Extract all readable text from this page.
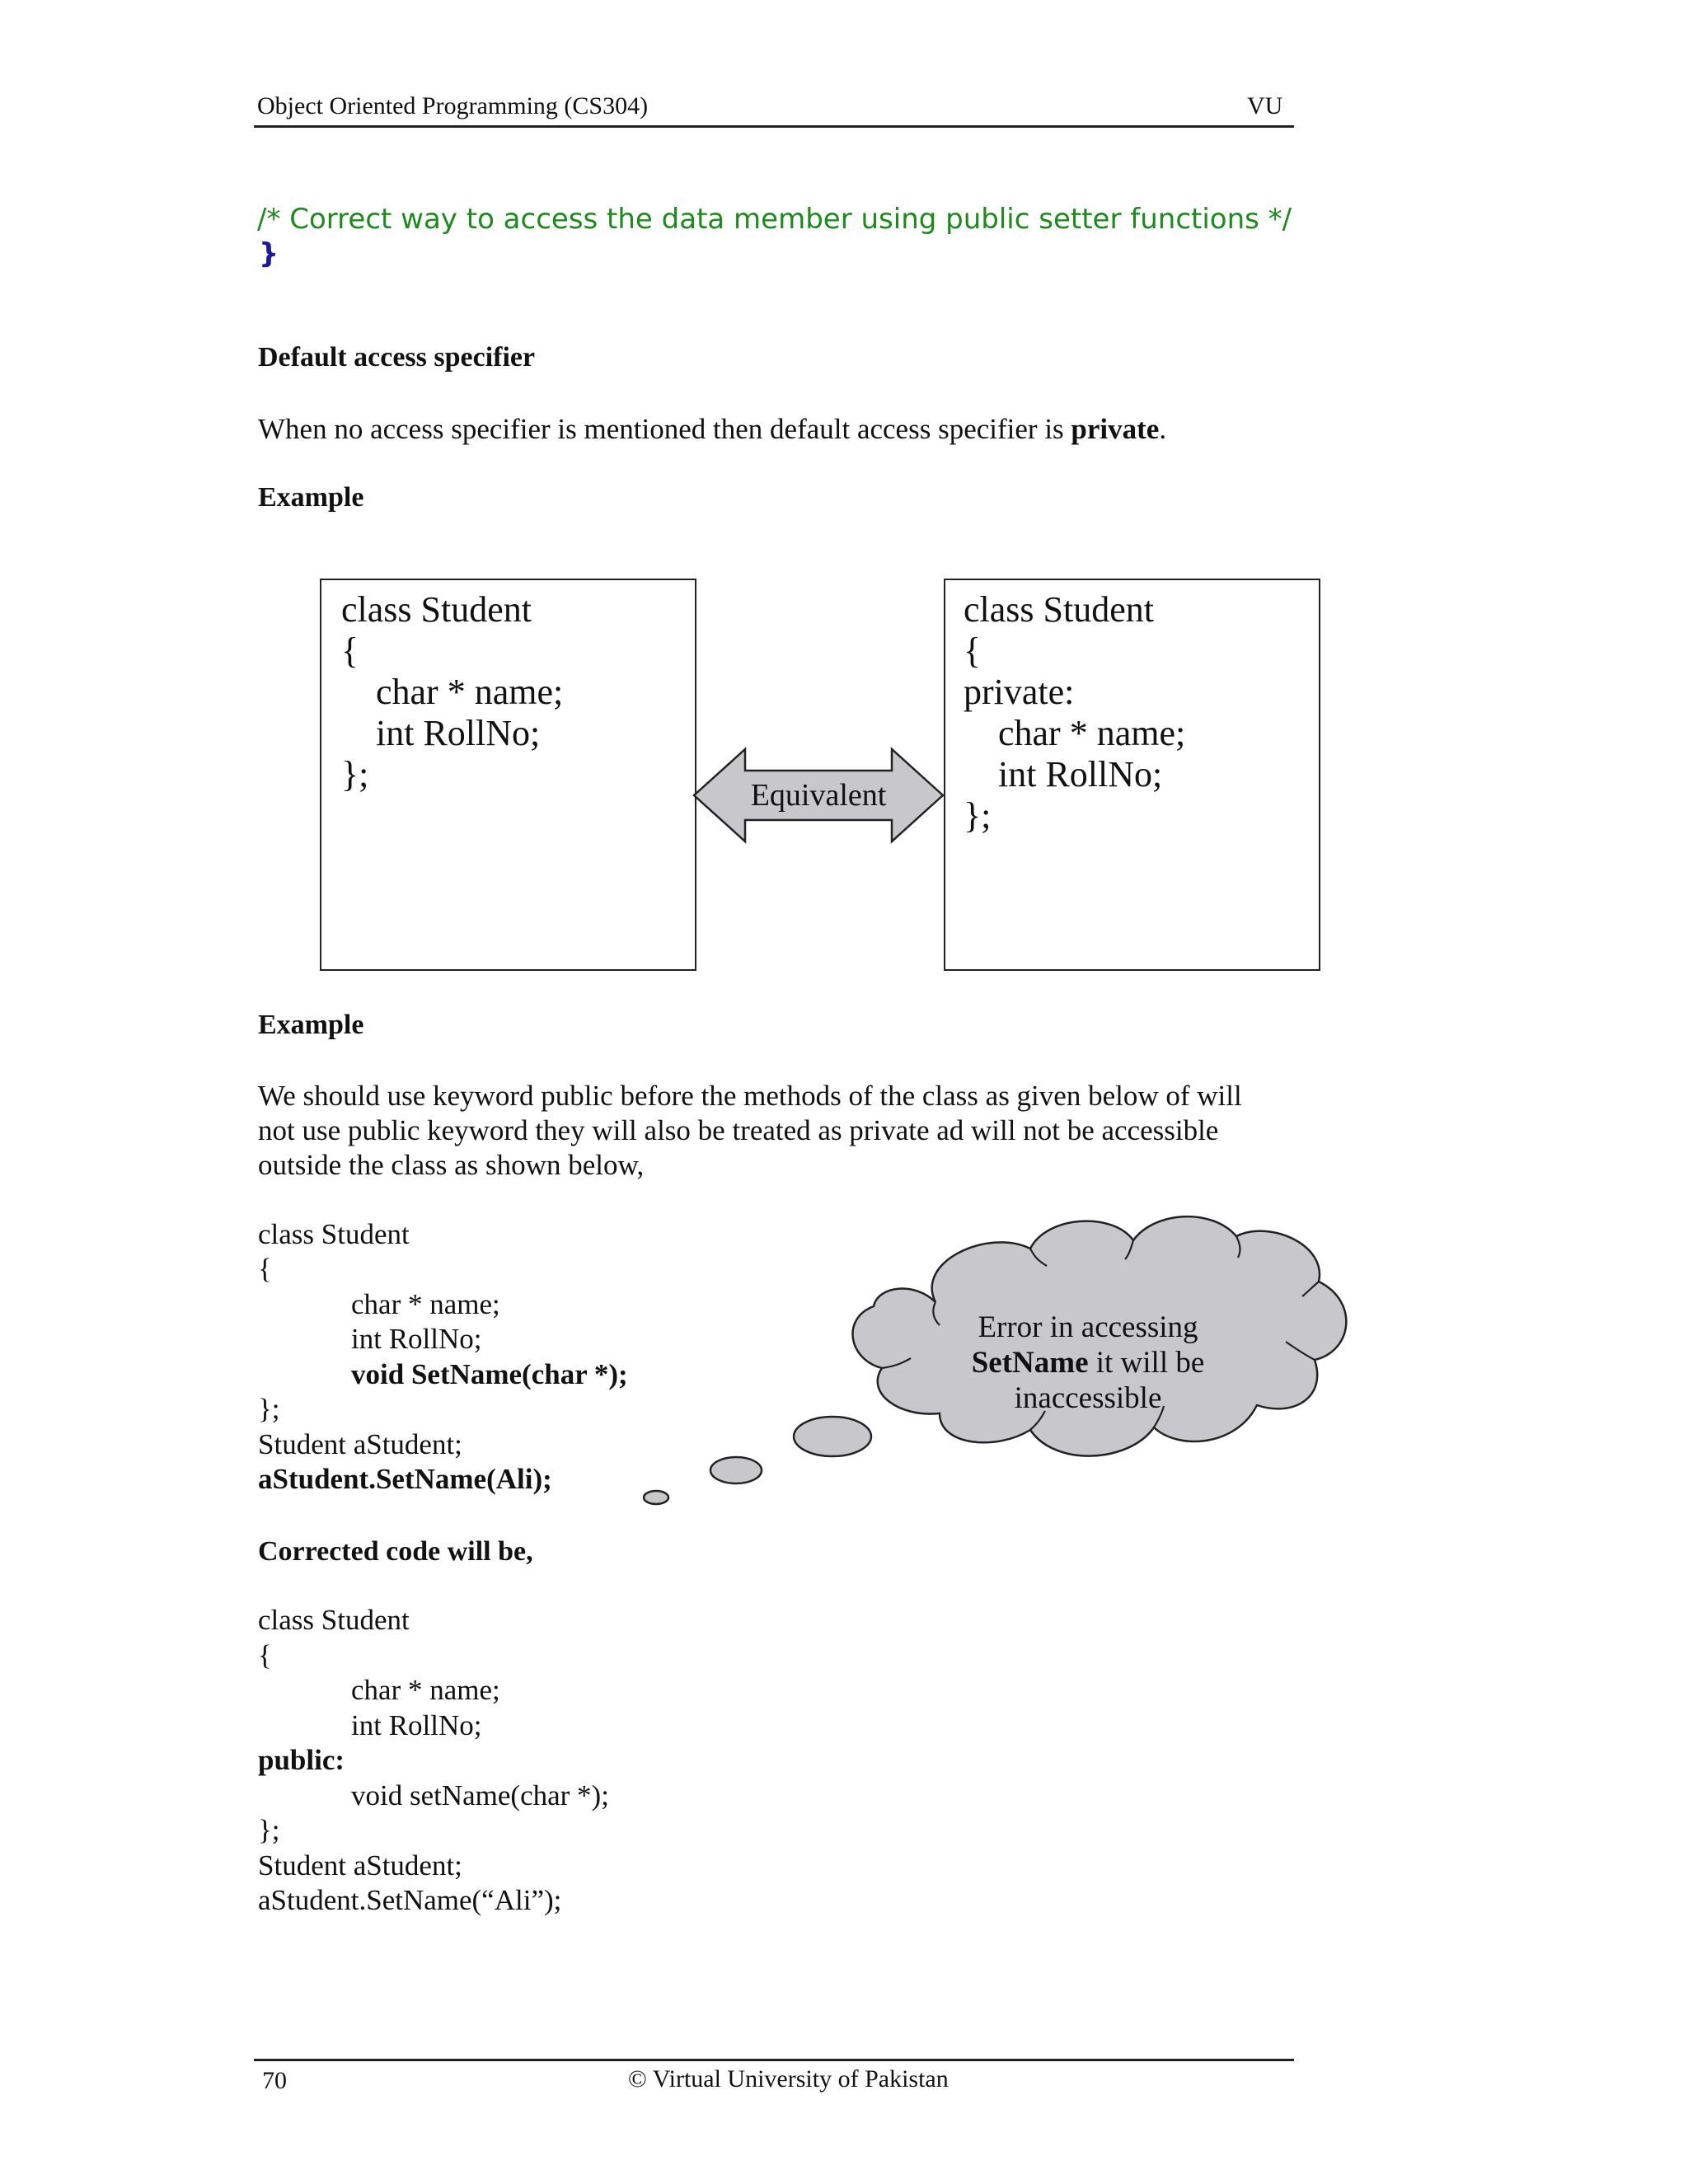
Object Oriented Programming (CS304)	VU
/* Correct way to access the data member using public setter functions */
}
Default access specifier
When no access specifier is mentioned then default access specifier is private.
Example
class Student
{
char * name;
int RollNo;
};
Equivalent
class Student
{
private:
char * name;
int RollNo;
};
Example
We should use keyword public before the methods of the class as given below of will
not use public keyword they will also be treated as private ad will not be accessible
outside the class as shown below,
class Student
{
char * name;
int RollNo;
void SetName(char *);
};
Student aStudent;
aStudent.SetName(Ali);
Error in accessing
SetName it will be
inaccessible
Corrected code will be,
class Student
{
char * name;
int RollNo;
public:
void setName(char *);
};
Student aStudent;
aStudent.SetName(“Ali”);
70	© Virtual University of Pakistan
